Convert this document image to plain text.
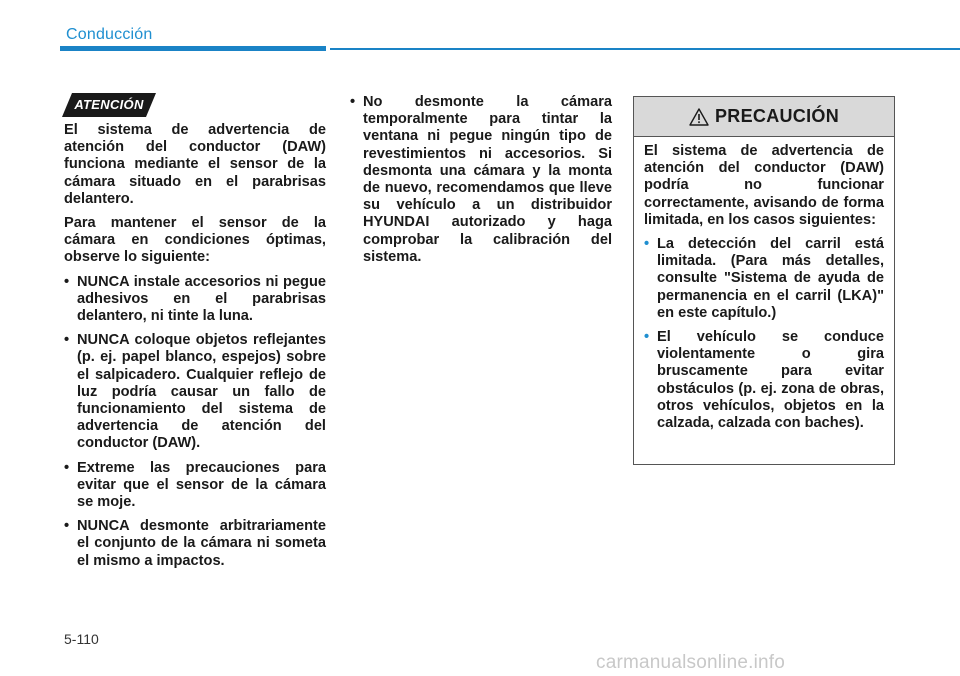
Conducción
ATENCIÓN

El sistema de advertencia de atención del conductor (DAW) funciona mediante el sensor de la cámara situado en el parabrisas delantero.

Para mantener el sensor de la cámara en condiciones óptimas, observe lo siguiente:

• NUNCA instale accesorios ni pegue adhesivos en el parabrisas delantero, ni tinte la luna.
• NUNCA coloque objetos reflejantes (p. ej. papel blanco, espejos) sobre el salpicadero. Cualquier reflejo de luz podría causar un fallo de funcionamiento del sistema de advertencia de atención del conductor (DAW).
• Extreme las precauciones para evitar que el sensor de la cámara se moje.
• NUNCA desmonte arbitrariamente el conjunto de la cámara ni someta el mismo a impactos.
• No desmonte la cámara temporalmente para tintar la ventana ni pegue ningún tipo de revestimientos ni accesorios. Si desmonta una cámara y la monta de nuevo, recomendamos que lleve su vehículo a un distribuidor HYUNDAI autorizado y haga comprobar la calibración del sistema.
PRECAUCIÓN

El sistema de advertencia de atención del conductor (DAW) podría no funcionar correctamente, avisando de forma limitada, en los casos siguientes:

• La detección del carril está limitada. (Para más detalles, consulte "Sistema de ayuda de permanencia en el carril (LKA)" en este capítulo.)
• El vehículo se conduce violentamente o gira bruscamente para evitar obstáculos (p. ej. zona de obras, otros vehículos, objetos en la calzada, calzada con baches).
5-110
carmanualsonline.info
